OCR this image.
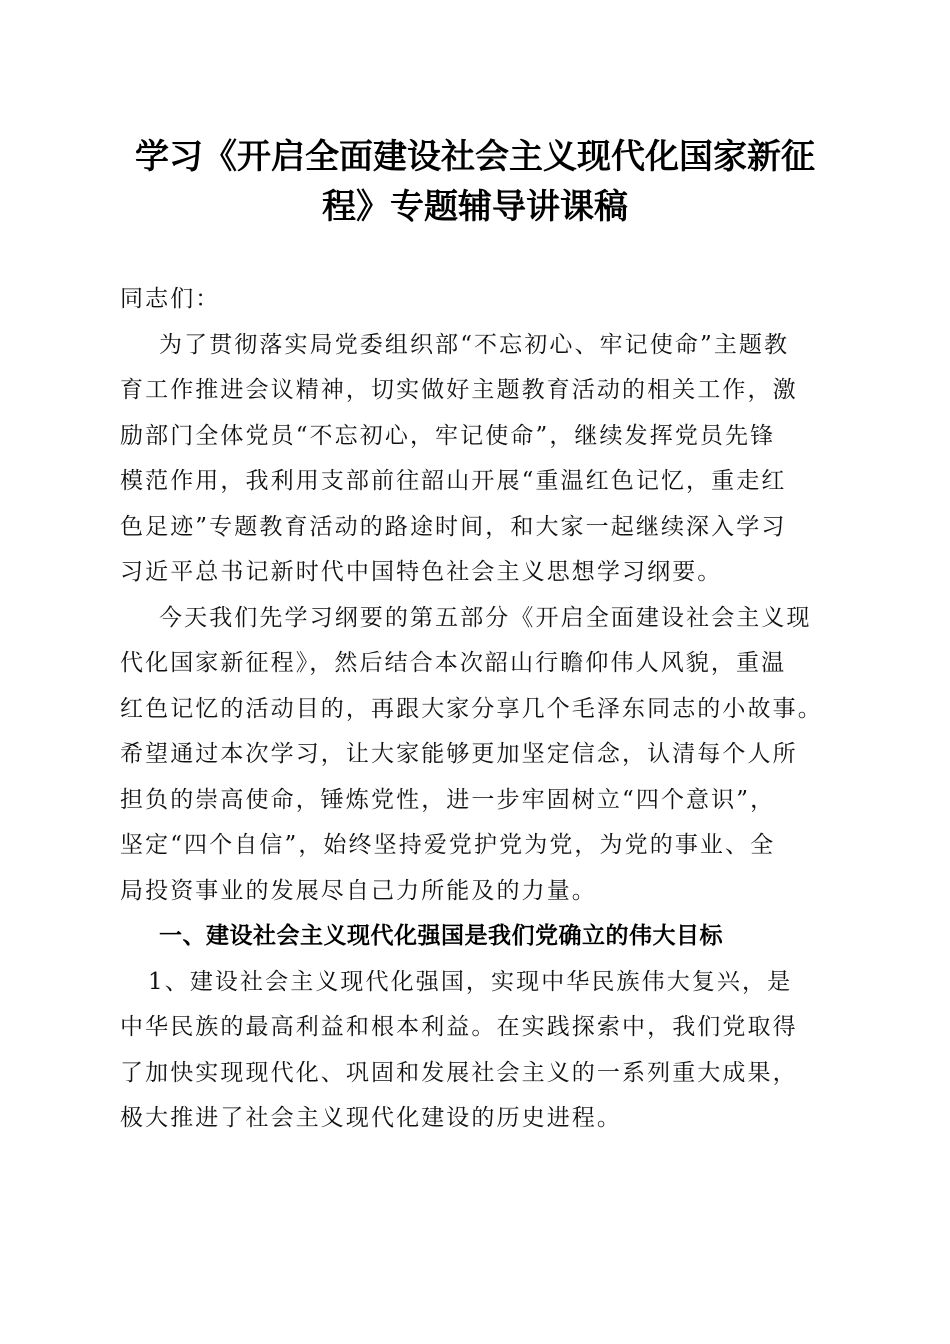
学习《开启全面建设社会主义现代化国家新征
程》专题辅导讲课稿
同志们：
为了贯彻落实局党委组织部“不忘初心、牢记使命”主题教
育工作推进会议精神，切实做好主题教育活动的相关工作，激
励部门全体党员“不忘初心，牢记使命”，继续发挥党员先锋
模范作用，我利用支部前往韶山开展“重温红色记忆，重走红
色足迹”专题教育活动的路途时间，和大家一起继续深入学习
习近平总书记新时代中国特色社会主义思想学习纲要。
今天我们先学习纲要的第五部分《开启全面建设社会主义现
代化国家新征程》，然后结合本次韶山行瞻仰伟人风貌，重温
红色记忆的活动目的，再跟大家分享几个毛泽东同志的小故事。
希望通过本次学习，让大家能够更加坚定信念，认清每个人所
担负的崇高使命，锤炼党性，进一步牢固树立“四个意识”，
坚定“四个自信”，始终坚持爱党护党为党，为党的事业、全
局投资事业的发展尽自己力所能及的力量。
一、建设社会主义现代化强国是我们党确立的伟大目标
1、建设社会主义现代化强国，实现中华民族伟大复兴，是
中华民族的最高利益和根本利益。在实践探索中，我们党取得
了加快实现现代化、巩固和发展社会主义的一系列重大成果，
极大推进了社会主义现代化建设的历史进程。
